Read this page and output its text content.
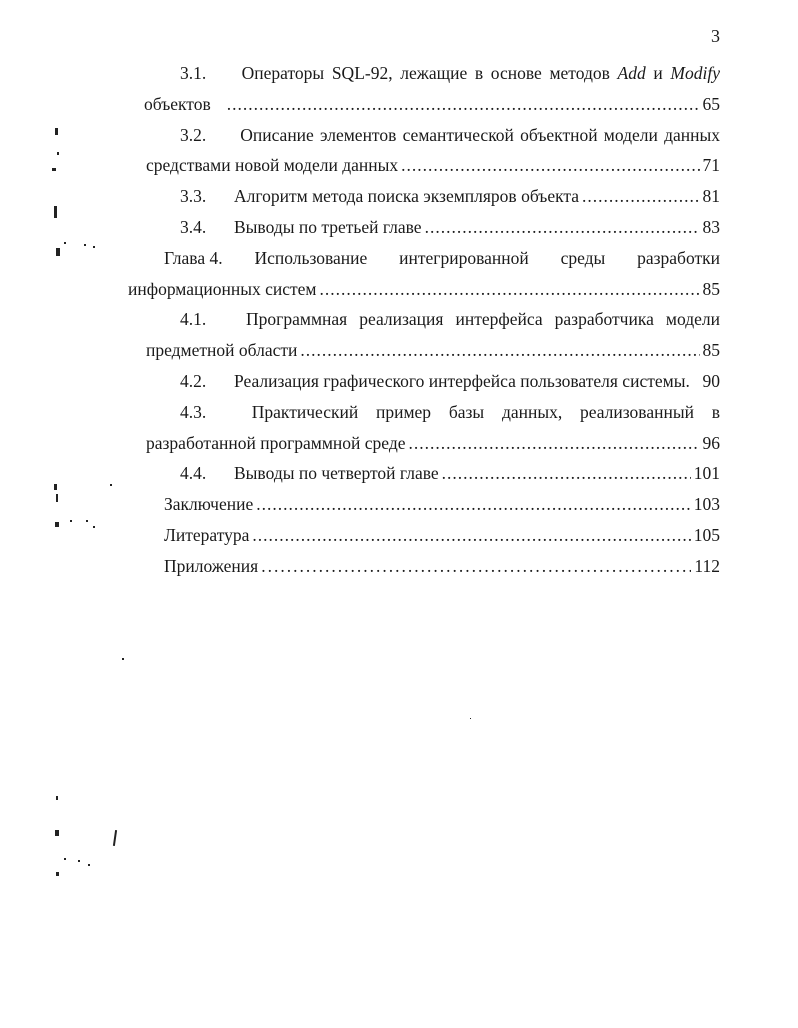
3
3.1.	Операторы SQL-92, лежащие в основе методов Add и Modify
объектов .....	65
3.2.	Описание элементов семантической объектной модели данных
средствами новой модели данных .....	71
3.3.	Алгоритм метода поиска экземпляров объекта .....	81
3.4.	Выводы по третьей главе .....	83
Глава 4. Использование интегрированной среды разработки
информационных систем .....	85
4.1.	Программная реализация интерфейса разработчика модели
предметной области .....	85
4.2.	Реализация графического интерфейса пользователя системы. 90
4.3.	Практический пример базы данных, реализованный в
разработанной программной среде .....	96
4.4.	Выводы по четвертой главе .....	101
Заключение .....	103
Литература .....	105
Приложения .....	112
